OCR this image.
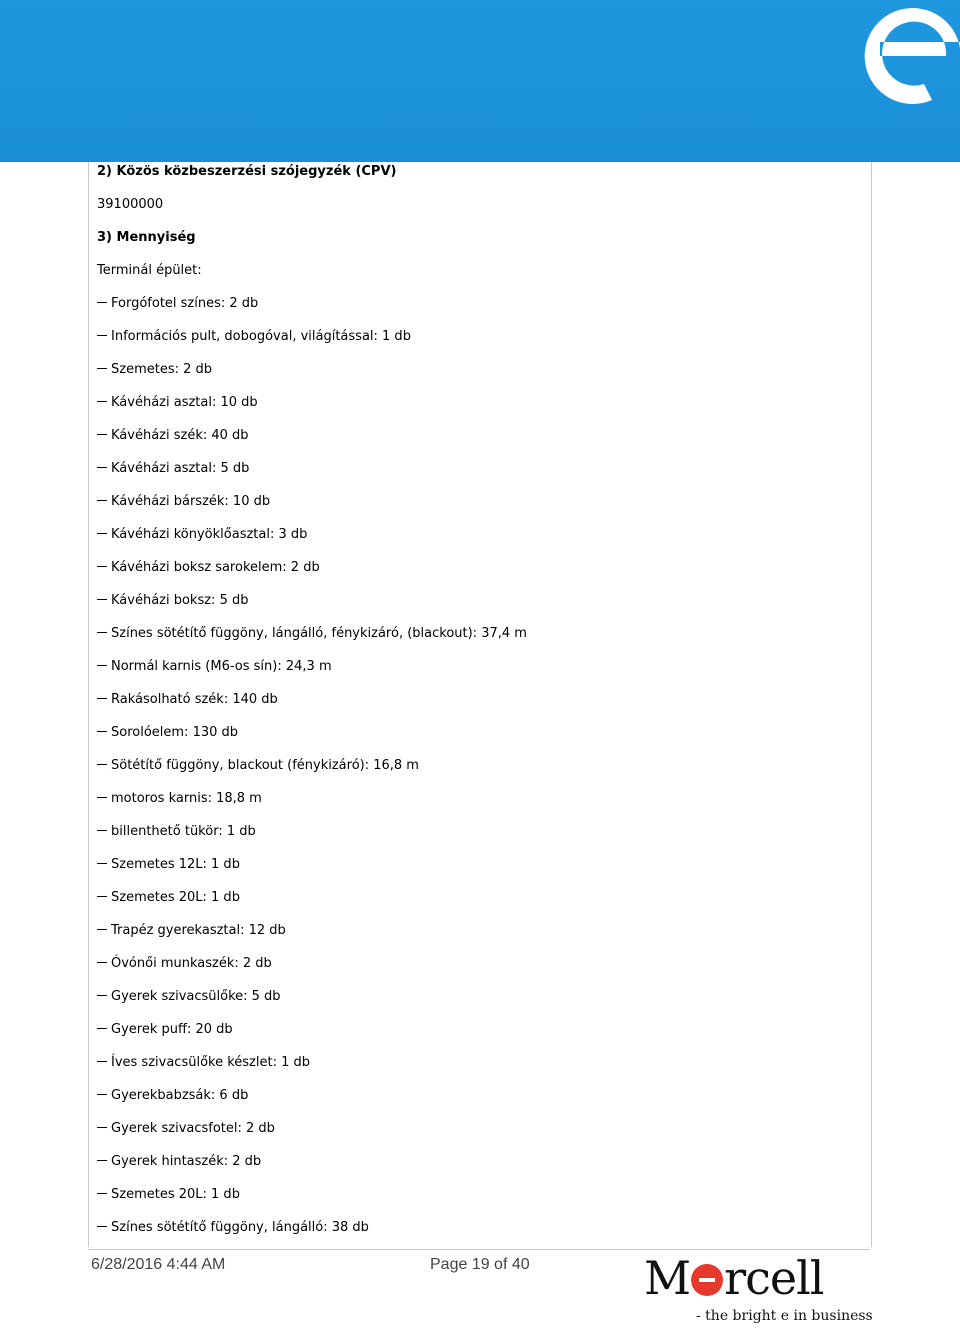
2) Közös közbeszerzési szójegyzék (CPV)
39100000
3) Mennyiség
Terminál épület:
Forgófotel színes: 2 db
Információs pult, dobogóval, világítással: 1 db
Szemetes: 2 db
Kávéházi asztal: 10 db
Kávéházi szék: 40 db
Kávéházi asztal: 5 db
Kávéházi bárszék: 10 db
Kávéházi könyöklőasztal: 3 db
Kávéházi boksz sarokelem: 2 db
Kávéházi boksz: 5 db
Színes sötétítő függöny, lángálló, fénykizáró, (blackout): 37,4 m
Normál karnis (M6-os sín): 24,3 m
Rakásolható szék: 140 db
Sorolóelem: 130 db
Sötétítő függöny, blackout (fénykizáró): 16,8 m
motoros karnis: 18,8 m
billenthető tükör: 1 db
Szemetes 12L: 1 db
Szemetes 20L: 1 db
Trapéz gyerekasztal: 12 db
Óvónői munkaszék: 2 db
Gyerek szivacsülőke: 5 db
Gyerek puff: 20 db
Íves szivacsülőke készlet: 1 db
Gyerekbabzsák: 6 db
Gyerek szivacsfotel: 2 db
Gyerek hintaszék: 2 db
Szemetes 20L: 1 db
Színes sötétítő függöny, lángálló: 38 db
6/28/2016 4:44 AM	Page 19 of 40 M rcell
- the bright e in business
